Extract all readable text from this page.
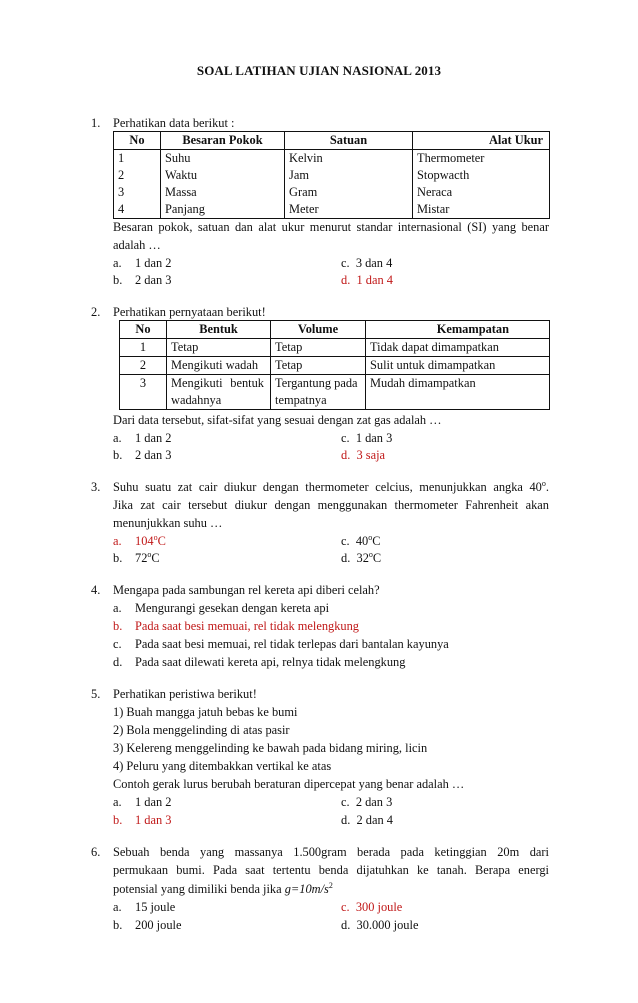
SOAL LATIHAN UJIAN NASIONAL 2013
1. Perhatikan data berikut :
No	Besaran Pokok	Satuan	Alat Ukur
1	Suhu	Kelvin	Thermometer
2	Waktu	Jam	Stopwacth
3	Massa	Gram	Neraca
4	Panjang	Meter	Mistar
Besaran pokok, satuan dan alat ukur menurut standar internasional (SI) yang benar
adalah …
a. 1 dan 2	c. 3 dan 4
b. 2 dan 3	d. 1 dan 4
2. Perhatikan pernyataan berikut!
No	Bentuk	Volume	Kemampatan
1	Tetap	Tetap	Tidak dapat dimampatkan
2	Mengikuti wadah	Tetap	Sulit untuk dimampatkan
3	Mengikuti bentuk wadahnya	Tergantung pada tempatnya	Mudah dimampatkan
Dari data tersebut, sifat-sifat yang sesuai dengan zat gas adalah …
a. 1 dan 2	c. 1 dan 3
b. 2 dan 3	d. 3 saja
3. Suhu suatu zat cair diukur dengan thermometer celcius, menunjukkan angka 40$^o$.
Jika zat cair tersebut diukur dengan menggunakan thermometer Fahrenheit akan
menunjukkan suhu …
a. 104$^o$C	c. 40$^o$C
b. 72$^o$C	d. 32$^o$C
4. Mengapa pada sambungan rel kereta api diberi celah?
a. Mengurangi gesekan dengan kereta api
b. Pada saat besi memuai, rel tidak melengkung
c. Pada saat besi memuai, rel tidak terlepas dari bantalan kayunya
d. Pada saat dilewati kereta api, relnya tidak melengkung
5. Perhatikan peristiwa berikut!
1) Buah mangga jatuh bebas ke bumi
2) Bola menggelinding di atas pasir
3) Kelereng menggelinding ke bawah pada bidang miring, licin
4) Peluru yang ditembakkan vertikal ke atas
Contoh gerak lurus berubah beraturan dipercepat yang benar adalah …
a. 1 dan 2	c. 2 dan 3
b. 1 dan 3	d. 2 dan 4
6. Sebuah benda yang massanya 1.500gram berada pada ketinggian 20m dari
permukaan bumi. Pada saat tertentu benda dijatuhkan ke tanah. Berapa energi
potensial yang dimiliki benda jika $g=10m/s^2$
a. 15 joule	c. 300 joule
b. 200 joule	d. 30.000 joule
